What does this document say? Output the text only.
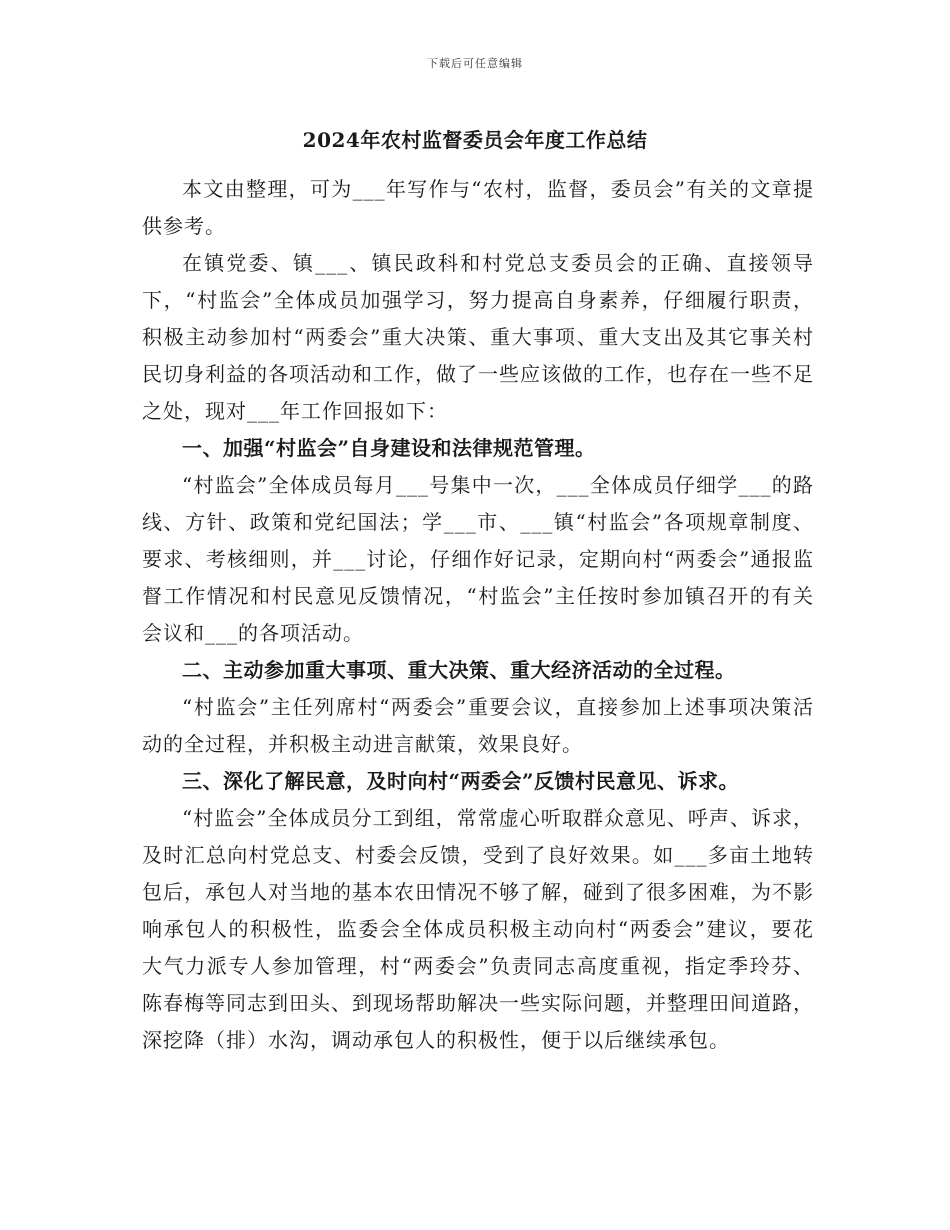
下载后可任意编辑
2024年农村监督委员会年度工作总结

本文由整理，可为___年写作与“农村，监督，委员会”有关的文章提供参考。

在镇党委、镇___、镇民政科和村党总支委员会的正确、直接领导下，“村监会”全体成员加强学习，努力提高自身素养，仔细履行职责，积极主动参加村“两委会”重大决策、重大事项、重大支出及其它事关村民切身利益的各项活动和工作，做了一些应该做的工作，也存在一些不足之处，现对___年工作回报如下：

一、加强“村监会”自身建设和法律规范管理。

“村监会”全体成员每月___号集中一次，___全体成员仔细学___的路线、方针、政策和党纪国法；学___市、___镇“村监会”各项规章制度、要求、考核细则，并___讨论，仔细作好记录，定期向村“两委会”通报监督工作情况和村民意见反馈情况，“村监会”主任按时参加镇召开的有关会议和___的各项活动。

二、主动参加重大事项、重大决策、重大经济活动的全过程。

“村监会”主任列席村“两委会”重要会议，直接参加上述事项决策活动的全过程，并积极主动进言献策，效果良好。

三、深化了解民意，及时向村“两委会”反馈村民意见、诉求。

“村监会”全体成员分工到组，常常虚心听取群众意见、呼声、诉求，及时汇总向村党总支、村委会反馈，受到了良好效果。如___多亩土地转包后，承包人对当地的基本农田情况不够了解，碰到了很多困难，为不影响承包人的积极性，监委会全体成员积极主动向村“两委会”建议，要花大气力派专人参加管理，村“两委会”负责同志高度重视，指定季玲芬、陈春梅等同志到田头、到现场帮助解决一些实际问题，并整理田间道路，深挖降（排）水沟，调动承包人的积极性，便于以后继续承包。
